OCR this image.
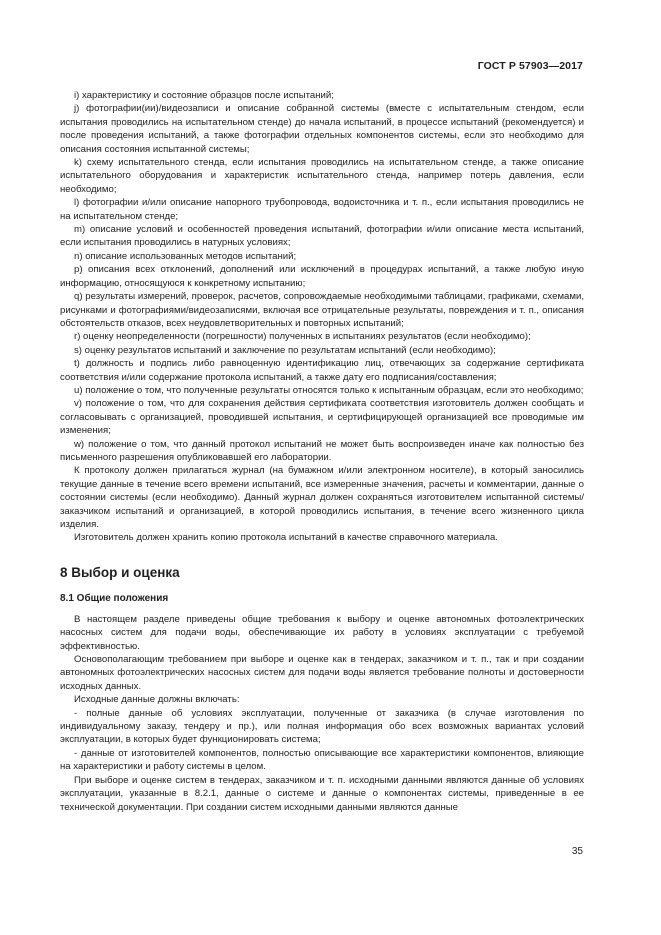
ГОСТ Р 57903—2017

i) характеристику и состояние образцов после испытаний;

j) фотографии(ии)/видеозаписи и описание собранной системы (вместе с испытательным стендом, если испытания проводились на испытательном стенде) до начала испытаний, в процессе испытаний (рекомендуется) и после проведения испытаний, а также фотографии отдельных компонентов системы, если это необходимо для описания состояния испытанной системы;

k) схему испытательного стенда, если испытания проводились на испытательном стенде, а также описание испытательного оборудования и характеристик испытательного стенда, например потерь давления, если необходимо;

l) фотографии и/или описание напорного трубопровода, водоисточника и т. п., если испытания проводились не на испытательном стенде;

m) описание условий и особенностей проведения испытаний, фотографии и/или описание места испытаний, если испытания проводились в натурных условиях;

n) описание использованных методов испытаний;

p) описания всех отклонений, дополнений или исключений в процедурах испытаний, а также любую иную информацию, относящуюся к конкретному испытанию;

q) результаты измерений, проверок, расчетов, сопровождаемые необходимыми таблицами, графиками, схемами, рисунками и фотографиями/видеозаписями, включая все отрицательные результаты, повреждения и т. п., описания обстоятельств отказов, всех неудовлетворительных и повторных испытаний;

r) оценку неопределенности (погрешности) полученных в испытаниях результатов (если необходимо);

s) оценку результатов испытаний и заключение по результатам испытаний (если необходимо);

t) должность и подпись либо равноценную идентификацию лиц, отвечающих за содержание сертификата соответствия и/или содержание протокола испытаний, а также дату его подписания/составления;

u) положение о том, что полученные результаты относятся только к испытанным образцам, если это необходимо;

v) положение о том, что для сохранения действия сертификата соответствия изготовитель должен сообщать и согласовывать с организацией, проводившей испытания, и сертифицирующей организацией все проводимые им изменения;

w) положение о том, что данный протокол испытаний не может быть воспроизведен иначе как полностью без письменного разрешения опубликовавшей его лаборатории.

К протоколу должен прилагаться журнал (на бумажном и/или электронном носителе), в который заносились текущие данные в течение всего времени испытаний, все измеренные значения, расчеты и комментарии, данные о состоянии системы (если необходимо). Данный журнал должен сохраняться изготовителем испытанной системы/заказчиком испытаний и организацией, в которой проводились испытания, в течение всего жизненного цикла изделия.

Изготовитель должен хранить копию протокола испытаний в качестве справочного материала.

8 Выбор и оценка
8.1 Общие положения

В настоящем разделе приведены общие требования к выбору и оценке автономных фотоэлектрических насосных систем для подачи воды, обеспечивающие их работу в условиях эксплуатации с требуемой эффективностью.

Основополагающим требованием при выборе и оценке как в тендерах, заказчиком и т. п., так и при создании автономных фотоэлектрических насосных систем для подачи воды является требование полноты и достоверности исходных данных.

Исходные данные должны включать:

- полные данные об условиях эксплуатации, полученные от заказчика (в случае изготовления по индивидуальному заказу, тендеру и пр.), или полная информация обо всех возможных вариантах условий эксплуатации, в которых будет функционировать система;

- данные от изготовителей компонентов, полностью описывающие все характеристики компонентов, влияющие на характеристики и работу системы в целом.

При выборе и оценке систем в тендерах, заказчиком и т. п. исходными данными являются данные об условиях эксплуатации, указанные в 8.2.1, данные о системе и данные о компонентах системы, приведенные в ее технической документации. При создании систем исходными данными являются данные

35
